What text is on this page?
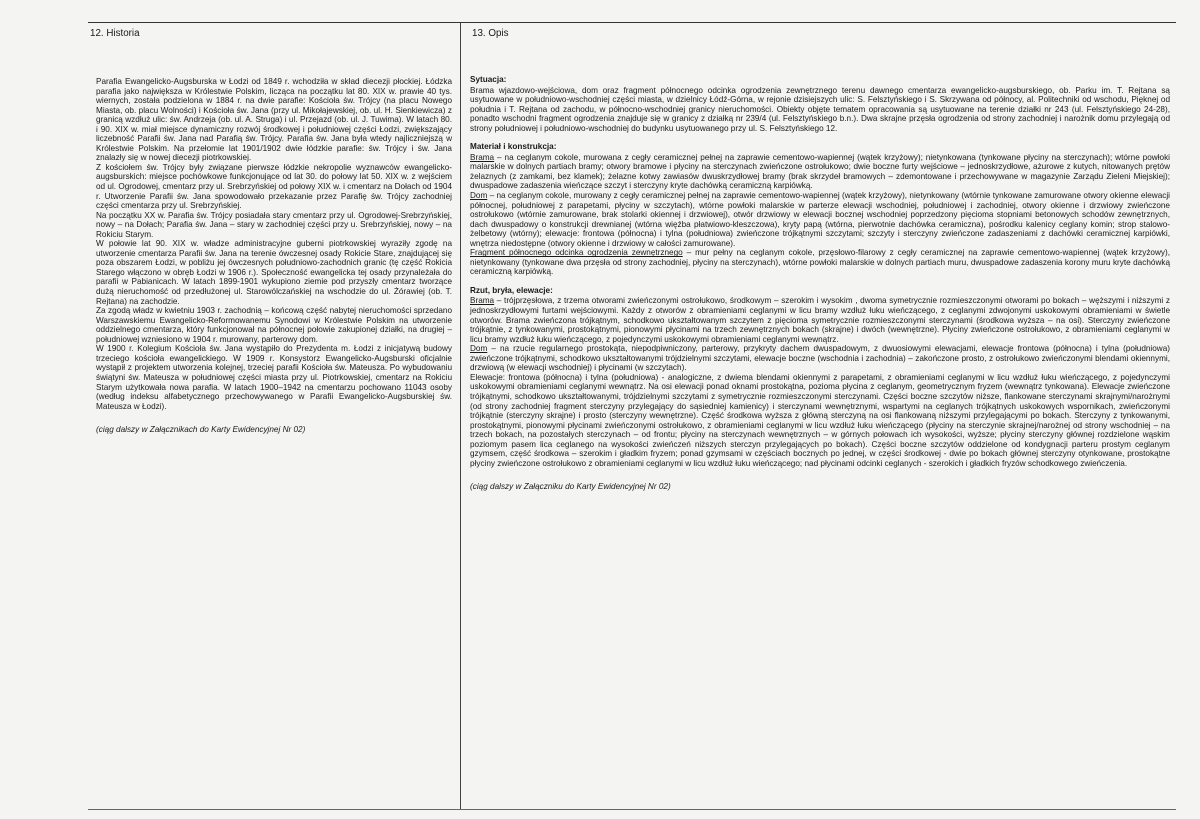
12. Historia

Parafia Ewangelicko-Augsburska w Łodzi od 1849 r. wchodziła w skład diecezji płockiej. Łódzka parafia jako największa w Królestwie Polskim, licząca na początku lat 80. XIX w. prawie 40 tys. wiernych, została podzielona w 1884 r. na dwie parafie: Kościoła św. Trójcy (na placu Nowego Miasta, ob. placu Wolności) i Kościoła św. Jana (przy ul. Mikołajewskiej, ob. ul. H. Sienkiewicza) z granicą wzdłuż ulic: św. Andrzeja (ob. ul. A. Struga) i ul. Przejazd (ob. ul. J. Tuwima). W latach 80. i 90. XIX w. miał miejsce dynamiczny rozwój środkowej i południowej części Łodzi, zwiększający liczebność Parafii św. Jana nad Parafią św. Trójcy. Parafia św. Jana była wtedy najliczniejszą w Królestwie Polskim. Na przełomie lat 1901/1902 dwie łódzkie parafie: św. Trójcy i św. Jana znalazły się w nowej diecezji piotrkowskiej.

Z kościołem św. Trójcy były związane pierwsze łódzkie nekropolie wyznawców ewangelicko-augsburskich: miejsce pochówkowe funkcjonujące od lat 30. do połowy lat 50. XIX w. z wejściem od ul. Ogrodowej, cmentarz przy ul. Srebrzyńskiej od połowy XIX w. i cmentarz na Dołach od 1904 r. Utworzenie Parafii św. Jana spowodowało przekazanie przez Parafię św. Trójcy zachodniej części cmentarza przy ul. Srebrzyńskiej.

Na początku XX w. Parafia św. Trójcy posiadała stary cmentarz przy ul. Ogrodowej-Srebrzyńskiej, nowy – na Dołach; Parafia św. Jana – stary w zachodniej części przy u. Srebrzyńskiej, nowy – na Rokiciu Starym.

W połowie lat 90. XIX w. władze administracyjne guberni piotrkowskiej wyraziły zgodę na utworzenie cmentarza Parafii św. Jana na terenie ówczesnej osady Rokicie Stare, znajdującej się poza obszarem Łodzi, w pobliżu jej ówczesnych południowo-zachodnich granic (tę część Rokicia Starego włączono w obręb Łodzi w 1906 r.). Społeczność ewangelicka tej osady przynależała do parafii w Pabianicach. W latach 1899-1901 wykupiono ziemie pod przyszły cmentarz tworzące dużą nieruchomość od przedłużonej ul. Starowólczańskiej na wschodzie do ul. Żórawiej (ob. T. Rejtana) na zachodzie.

Za zgodą władz w kwietniu 1903 r. zachodnią – końcową część nabytej nieruchomości sprzedano Warszawskiemu Ewangelicko-Reformowanemu Synodowi w Królestwie Polskim na utworzenie oddzielnego cmentarza, który funkcjonował na północnej połowie zakupionej działki, na drugiej – południowej wzniesiono w 1904 r. murowany, parterowy dom.

W 1900 r. Kolegium Kościoła św. Jana wystąpiło do Prezydenta m. Łodzi z inicjatywą budowy trzeciego kościoła ewangelickiego. W 1909 r. Konsystorz Ewangelicko-Augsburski oficjalnie wystąpił z projektem utworzenia kolejnej, trzeciej parafii Kościoła św. Mateusza. Po wybudowaniu świątyni św. Mateusza w południowej części miasta przy ul. Piotrkowskiej, cmentarz na Rokiciu Starym użytkowała nowa parafia. W latach 1900–1942 na cmentarzu pochowano 11043 osoby (według indeksu alfabetycznego przechowywanego w Parafii Ewangelicko-Augsburskiej św. Mateusza w Łodzi).

(ciąg dalszy w Załącznikach do Karty Ewidencyjnej Nr 02)

13. Opis

Sytuacja:

Brama wjazdowo-wejściowa, dom oraz fragment północnego odcinka ogrodzenia zewnętrznego terenu dawnego cmentarza ewangelicko-augsburskiego, ob. Parku im. T. Rejtana są usytuowane w południowo-wschodniej części miasta, w dzielnicy Łódź-Górna, w rejonie dzisiejszych ulic: S. Felsztyńskiego i S. Skrzywana od północy, al. Politechniki od wschodu, Pięknej od południa i T. Rejtana od zachodu, w północno-wschodniej granicy nieruchomości. Obiekty objęte tematem opracowania są usytuowane na terenie działki nr 243 (ul. Felsztyńskiego 24-28), ponadto wschodni fragment ogrodzenia znajduje się w granicy z działką nr 239/4 (ul. Felsztyńskiego b.n.). Dwa skrajne przęsła ogrodzenia od strony zachodniej i narożnik domu przylegają od strony południowej i południowo-wschodniej do budynku usytuowanego przy ul. S. Felsztyńskiego 12.

Materiał i konstrukcja:

Brama – na ceglanym cokole, murowana z cegły ceramicznej pełnej na zaprawie cementowo-wapiennej (wątek krzyżowy); nietynkowana (tynkowane płyciny na sterczynach); wtórne powłoki malarskie w dolnych partiach bramy; otwory bramowe i płyciny na sterczynach zwieńczone ostrołukowo; dwie boczne furty wejściowe – jednoskrzydłowe, ażurowe z kutych, nitowanych prętów żelaznych (z zamkami, bez klamek); żelazne kotwy zawiasów dwuskrzydłowej bramy (brak skrzydeł bramowych – zdemontowane i przechowywane w magazynie Zarządu Zieleni Miejskiej); dwuspadowe zadaszenia wieńczące szczyt i sterczyny kryte dachówką ceramiczną karpiówką.

Dom – na ceglanym cokole, murowany z cegły ceramicznej pełnej na zaprawie cementowo-wapiennej (wątek krzyżowy), nietynkowany (wtórnie tynkowane zamurowane otwory okienne elewacji północnej, południowej z parapetami, płyciny w szczytach), wtórne powłoki malarskie w parterze elewacji wschodniej, południowej i zachodniej, otwory okienne i drzwiowy zwieńczone ostrołukowo (wtórnie zamurowane, brak stolarki okiennej i drzwiowej), otwór drzwiowy w elewacji bocznej wschodniej poprzedzony pięcioma stopniami betonowych schodów zewnętrznych, dach dwuspadowy o konstrukcji drewnianej (wtórna więźba płatwiowo-kleszczowa), kryty papą (wtórna, pierwotnie dachówka ceramiczna), pośrodku kalenicy ceglany komin; strop stalowo-żelbetowy (wtórny); elewacje: frontowa (północna) i tylna (południowa) zwieńczone trójkątnymi szczytami; szczyty i sterczyny zwieńczone zadaszeniami z dachówki ceramicznej karpiówki, wnętrza niedostępne (otwory okienne i drzwiowy w całości zamurowane).

Fragment północnego odcinka ogrodzenia zewnętrznego – mur pełny na ceglanym cokole, przęsłowo-filarowy z cegły ceramicznej na zaprawie cementowo-wapiennej (wątek krzyżowy), nietynkowany (tynkowane dwa przęsła od strony zachodniej, płyciny na sterczynach), wtórne powłoki malarskie w dolnych partiach muru, dwuspadowe zadaszenia korony muru kryte dachówką ceramiczną karpiówką.

Rzut, bryła, elewacje:

Brama – trójprzęsłowa, z trzema otworami zwieńczonymi ostrołukowo, środkowym – szerokim i wysokim , dwoma symetrycznie rozmieszczonymi otworami po bokach – węższymi i niższymi z jednoskrzydłowymi furtami wejściowymi. Każdy z otworów z obramieniami ceglanymi w licu bramy wzdłuż łuku wieńczącego, z ceglanymi zdwojonymi uskokowymi obramieniami w świetle otworów. Brama zwieńczona trójkątnym, schodkowo ukształtowanym szczytem z pięcioma symetrycznie rozmieszczonymi sterczynami (środkowa wyższa – na osi). Sterczyny zwieńczone trójkątnie, z tynkowanymi, prostokątnymi, pionowymi płycinami na trzech zewnętrznych bokach (skrajne) i dwóch (wewnętrzne). Płyciny zwieńczone ostrołukowo, z obramieniami ceglanymi w licu bramy wzdłuż łuku wieńczącego, z pojedynczymi uskokowymi obramieniami ceglanymi wewnątrz.

Dom – na rzucie regularnego prostokąta, niepodpiwniczony, parterowy, przykryty dachem dwuspadowym, z dwuosiowymi elewacjami, elewacje frontowa (północna) i tylna (południowa) zwieńczone trójkątnymi, schodkowo ukształtowanymi trójdzielnymi szczytami, elewacje boczne (wschodnia i zachodnia) – zakończone prosto, z ostrołukowo zwieńczonymi blendami okiennymi, drzwiową (w elewacji wschodniej) i płycinami (w szczytach).

Elewacje: frontowa (północna) i tylna (południowa) - analogiczne, z dwiema blendami okiennymi z parapetami, z obramieniami ceglanymi w licu wzdłuż łuku wieńczącego, z pojedynczymi uskokowymi obramieniami ceglanymi wewnątrz. Na osi elewacji ponad oknami prostokątna, pozioma płycina z ceglanym, geometrycznym fryzem (wewnątrz tynkowana). Elewacje zwieńczone trójkątnymi, schodkowo ukształtowanymi, trójdzielnymi szczytami z symetrycznie rozmieszczonymi sterczynami. Części boczne szczytów niższe, flankowane sterczynami skrajnymi/narożnymi (od strony zachodniej fragment sterczyny przylegający do sąsiedniej kamienicy) i sterczynami wewnętrznymi, wspartymi na ceglanych trójkątnych uskokowych wspornikach, zwieńczonymi trójkątnie (sterczyny skrajne) i prosto (sterczyny wewnętrzne). Część środkowa wyższa z główną sterczyną na osi flankowaną niższymi przylegającymi po bokach. Sterczyny z tynkowanymi, prostokątnymi, pionowymi płycinami zwieńczonymi ostrołukowo, z obramieniami ceglanymi w licu wzdłuż łuku wieńczącego (płyciny na sterczynie skrajnej/narożnej od strony wschodniej – na trzech bokach, na pozostałych sterczynach – od frontu; płyciny na sterczynach wewnętrznych – w górnych połowach ich wysokości, wyższe; płyciny sterczyny głównej rozdzielone wąskim poziomym pasem lica ceglanego na wysokości zwieńczeń niższych sterczyn przylegających po bokach). Części boczne szczytów oddzielone od kondygnacji parteru prostym ceglanym gzymsem, część środkowa – szerokim i gładkim fryzem; ponad gzymsami w częściach bocznych po jednej, w części środkowej - dwie po bokach głównej sterczyny otynkowane, prostokątne płyciny zwieńczone ostrołukowo z obramieniami ceglanymi w licu wzdłuż łuku wieńczącego; nad płycinami odcinki ceglanych - szerokich i gładkich fryzów schodkowego zwieńczenia.

(ciąg dalszy w Załączniku do Karty Ewidencyjnej Nr 02)
